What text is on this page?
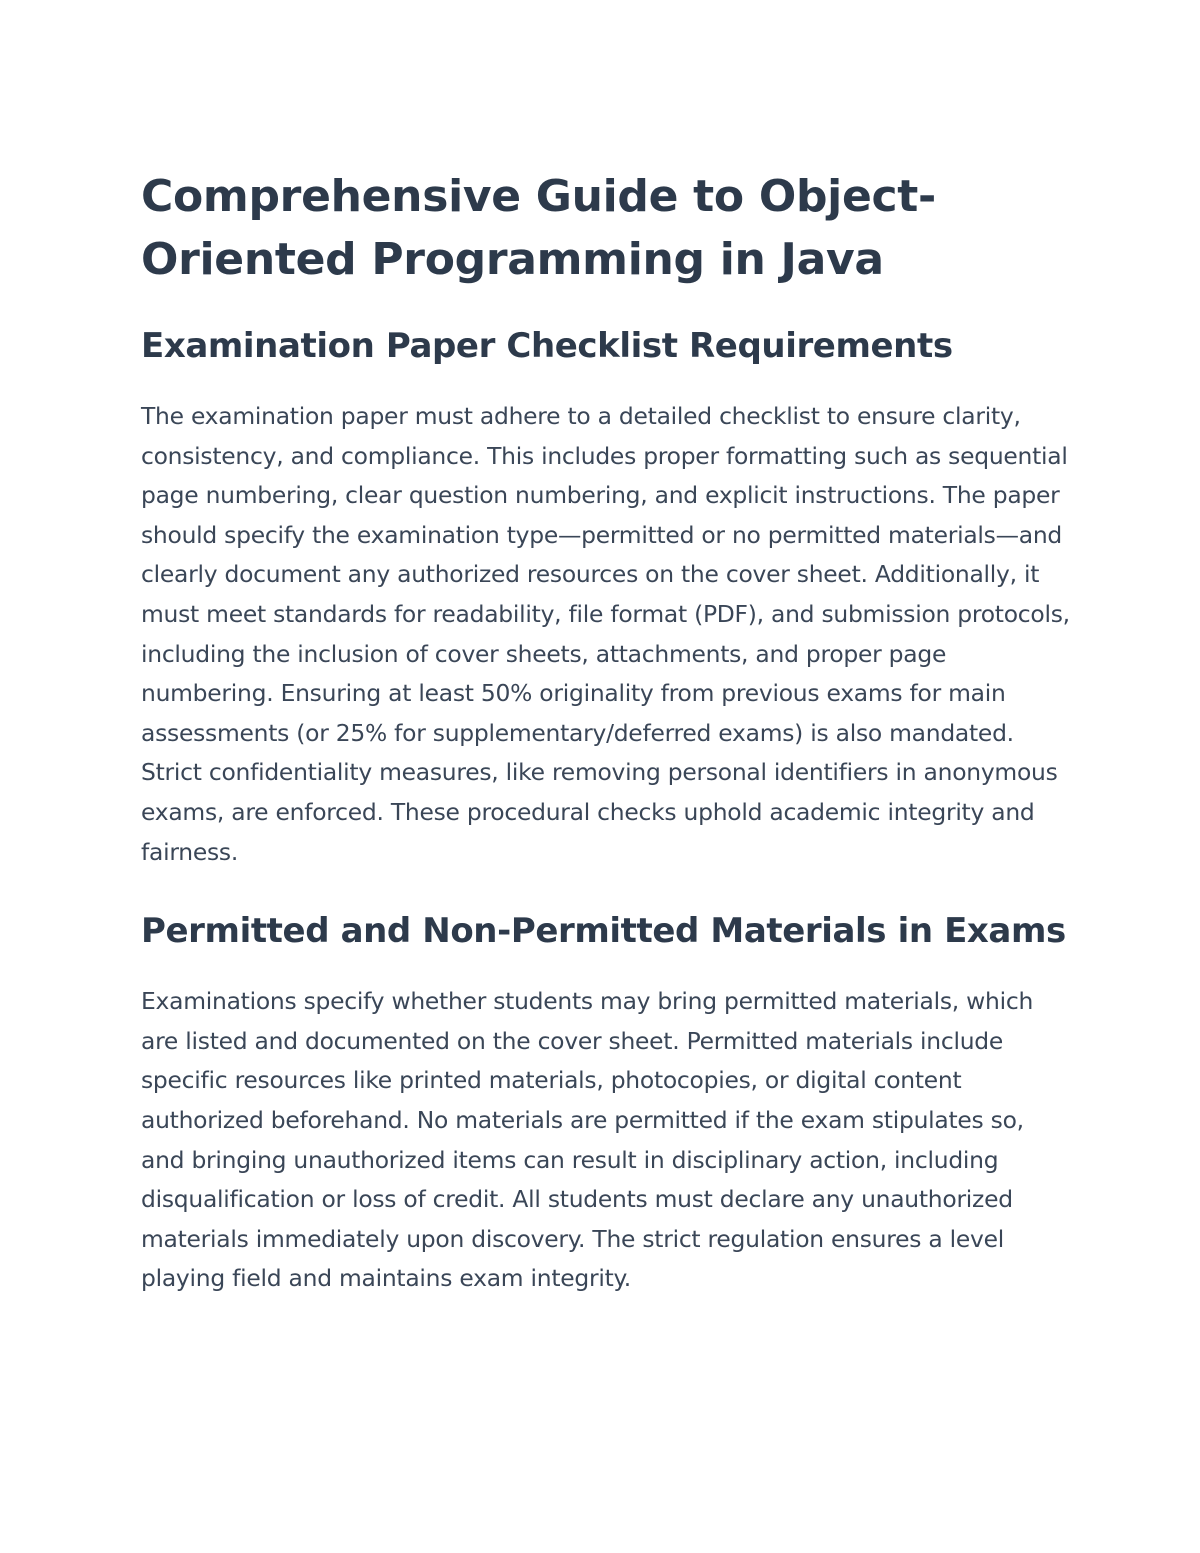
Comprehensive Guide to Object-Oriented Programming in Java
Examination Paper Checklist Requirements

The examination paper must adhere to a detailed checklist to ensure clarity, consistency, and compliance. This includes proper formatting such as sequential page numbering, clear question numbering, and explicit instructions. The paper should specify the examination type—permitted or no permitted materials—and clearly document any authorized resources on the cover sheet. Additionally, it must meet standards for readability, file format (PDF), and submission protocols, including the inclusion of cover sheets, attachments, and proper page numbering. Ensuring at least 50% originality from previous exams for main assessments (or 25% for supplementary/deferred exams) is also mandated. Strict confidentiality measures, like removing personal identifiers in anonymous exams, are enforced. These procedural checks uphold academic integrity and fairness.

Permitted and Non-Permitted Materials in Exams

Examinations specify whether students may bring permitted materials, which are listed and documented on the cover sheet. Permitted materials include specific resources like printed materials, photocopies, or digital content authorized beforehand. No materials are permitted if the exam stipulates so, and bringing unauthorized items can result in disciplinary action, including disqualification or loss of credit. All students must declare any unauthorized materials immediately upon discovery. The strict regulation ensures a level playing field and maintains exam integrity.
